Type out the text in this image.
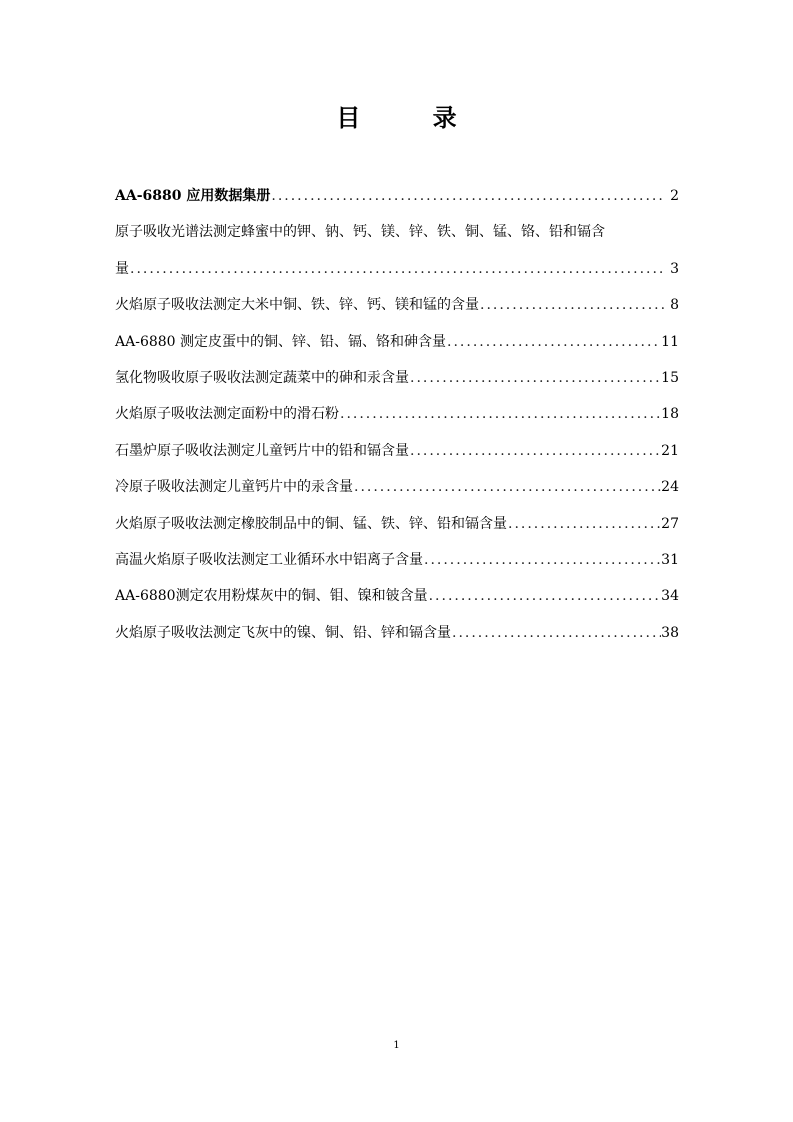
目 录
AA-6880 应用数据集册 .....	2
原子吸收光谱法测定蜂蜜中的钾、钠、钙、镁、锌、铁、铜、锰、铬、铅和镉含
量 .....	3
火焰原子吸收法测定大米中铜、铁、锌、钙、镁和锰的含量 .....	8
AA-6880 测定皮蛋中的铜、锌、铅、镉、铬和砷含量 .....	11
氢化物吸收原子吸收法测定蔬菜中的砷和汞含量 .....	15
火焰原子吸收法测定面粉中的滑石粉 .....	18
石墨炉原子吸收法测定儿童钙片中的铅和镉含量 .....	21
冷原子吸收法测定儿童钙片中的汞含量 .....	24
火焰原子吸收法测定橡胶制品中的铜、锰、铁、锌、铅和镉含量 .....	27
高温火焰原子吸收法测定工业循环水中铝离子含量 .....	31
AA-6880测定农用粉煤灰中的铜、钼、镍和铍含量 .....	34
火焰原子吸收法测定飞灰中的镍、铜、铅、锌和镉含量 .....	38
1
